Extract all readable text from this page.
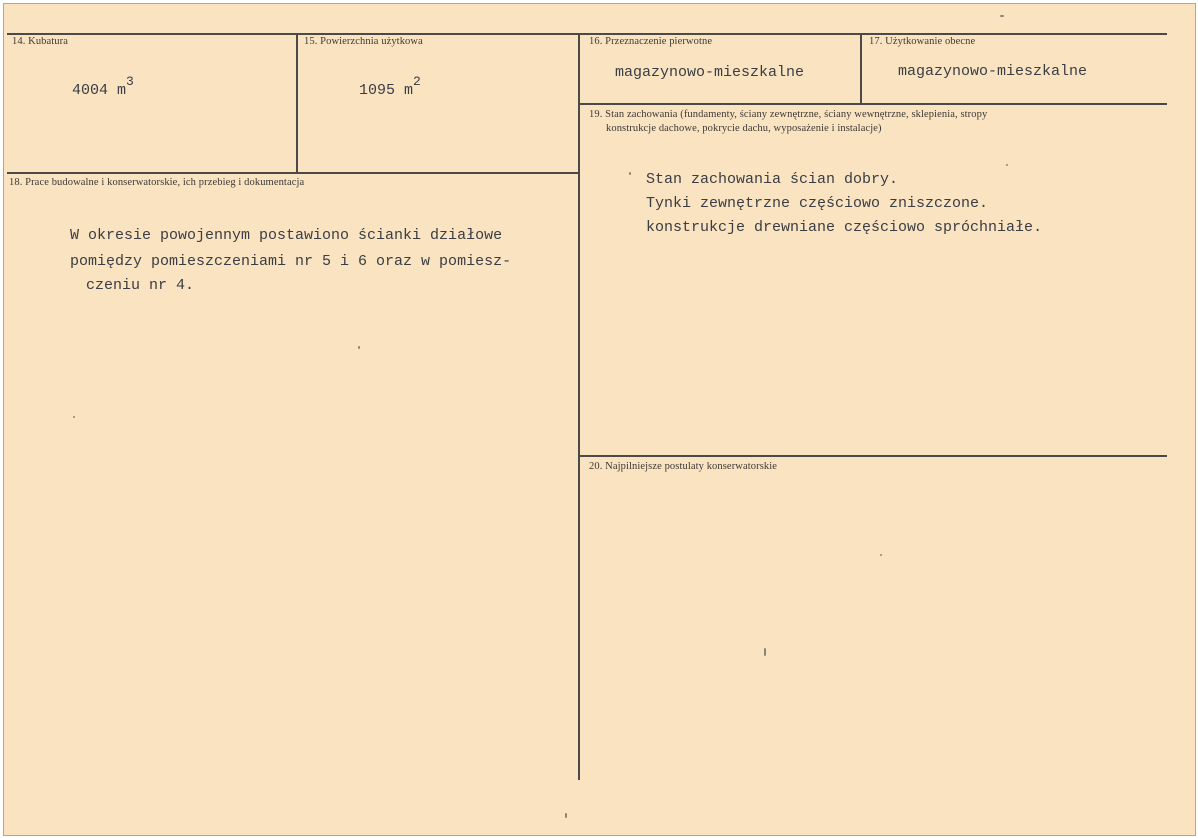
14. Kubatura
4004 m3
15. Powierzchnia użytkowa
1095 m2
16. Przeznaczenie pierwotne
magazynowo-mieszkalne
17. Użytkowanie obecne
magazynowo-mieszkalne
18. Prace budowalne i konserwatorskie, ich przebieg i dokumentacja
W okresie powojennym postawiono ścianki działowe
pomiędzy pomieszczeniami nr 5 i 6 oraz w pomiesz-
czeniu nr 4.
19. Stan zachowania (fundamenty, ściany zewnętrzne, ściany wewnętrzne, sklepienia, stropy
konstrukcje dachowe, pokrycie dachu, wyposażenie i instalacje)
Stan zachowania ścian dobry.
Tynki zewnętrzne częściowo zniszczone.
konstrukcje drewniane częściowo spróchniałe.
20. Najpilniejsze postulaty konserwatorskie
